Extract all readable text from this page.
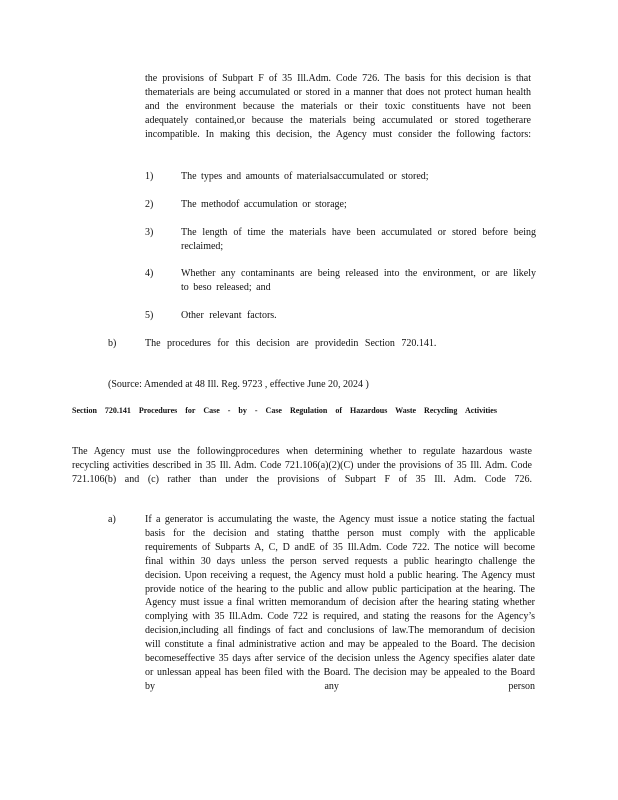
the provisions of Subpart F of 35 Ill.Adm. Code 726. The basis for this decision is that thematerials are being accumulated or stored in a manner that does not protect human health and the environment because the materials or their toxic constituents have not been adequately contained,or because the materials being accumulated or stored togetherare incompatible. In making this decision, the Agency must consider the following factors:

1)	The types and amounts of materialsaccumulated or stored;

2)	The methodof accumulation or storage;

3)	The length of time the materials have been accumulated or stored before being reclaimed;

4)	Whether any contaminants are being released into the environment, or are likely to beso released; and

5)	Other relevant factors.

b)	The procedures for this decision are providedin Section 720.141.

(Source: Amended at 48 Ill. Reg. 9723 , effective June 20, 2024 )

Section 720.141 Procedures for Case - by - Case Regulation of Hazardous Waste Recycling Activities

The Agency must use the followingprocedures when determining whether to regulate hazardous waste recycling activities described in 35 Ill. Adm. Code 721.106(a)(2)(C) under the provisions of 35 Ill. Adm. Code 721.106(b) and (c) rather than under the provisions of Subpart F of 35 Ill. Adm. Code 726.

a)	If a generator is accumulating the waste, the Agency must issue a notice stating the factual basis for the decision and stating thatthe person must comply with the applicable requirements of Subparts A, C, D andE of 35 Ill.Adm. Code 722. The notice will become final within 30 days unless the person served requests a public hearingto challenge the decision. Upon receiving a request, the Agency must hold a public hearing. The Agency must provide notice of the hearing to the public and allow public participation at the hearing. The Agency must issue a final written memorandum of decision after the hearing stating whether complying with 35 Ill.Adm. Code 722 is required, and stating the reasons for the Agency’s decision,including all findings of fact and conclusions of law.The memorandum of decision will constitute a final administrative action and may be appealed to the Board. The decision becomeseffective 35 days after service of the decision unless the Agency specifies alater date or unlessan appeal has been filed with the Board. The decision may be appealed to the Board by any person
